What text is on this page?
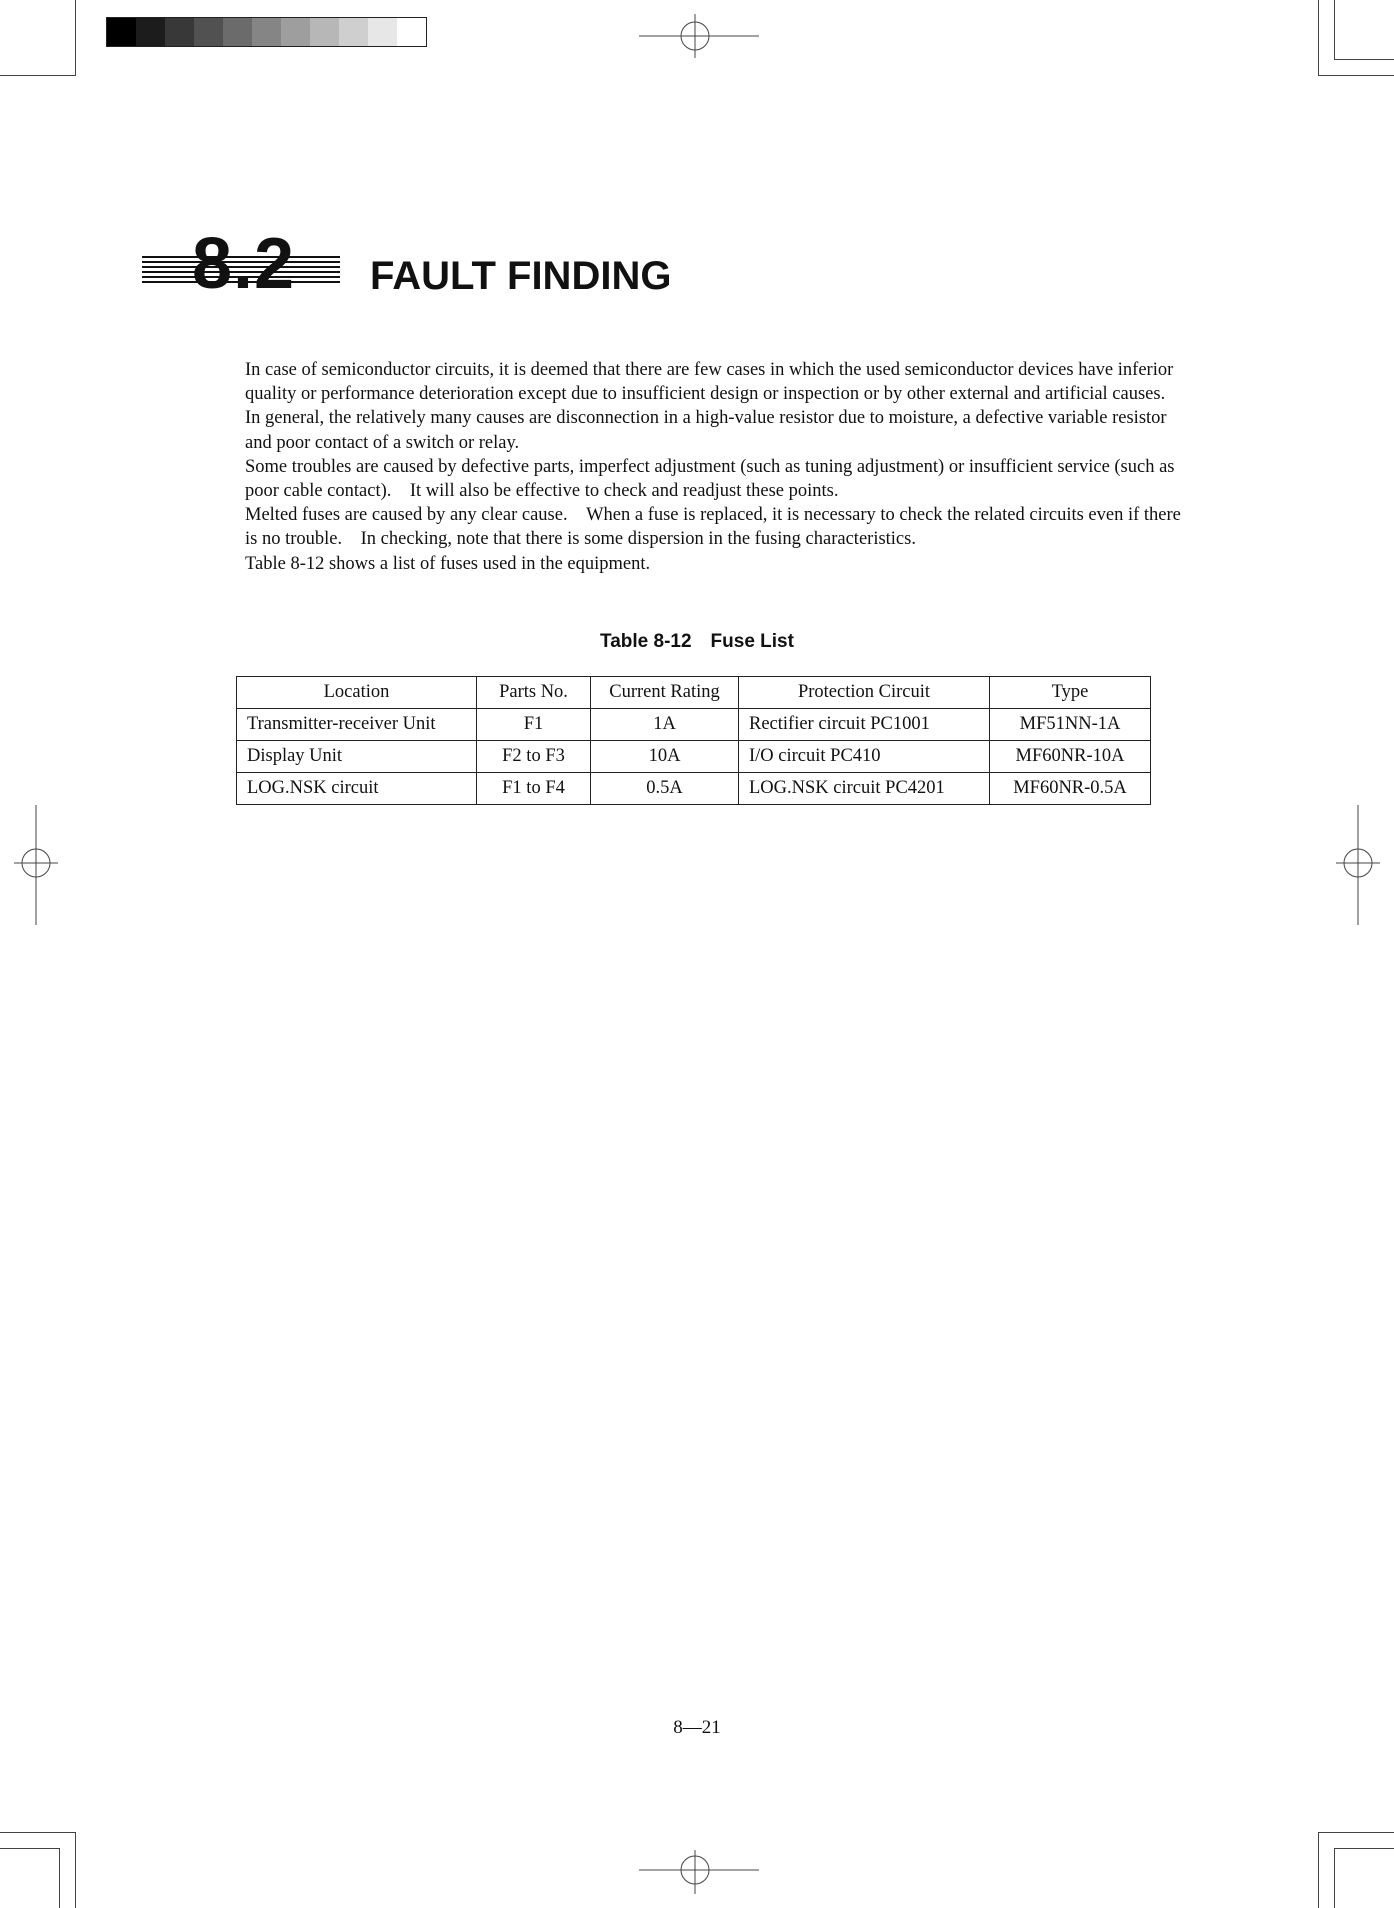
8.2 FAULT FINDING

In case of semiconductor circuits, it is deemed that there are few cases in which the used semiconductor devices have inferior quality or performance deterioration except due to insufficient design or inspection or by other external and artificial causes.　In general, the relatively many causes are disconnection in a high-value resistor due to moisture, a defective variable resistor and poor contact of a switch or relay.

Some troubles are caused by defective parts, imperfect adjustment (such as tuning adjustment) or insufficient service (such as poor cable contact).　It will also be effective to check and readjust these points.

Melted fuses are caused by any clear cause.　When a fuse is replaced, it is necessary to check the related circuits even if there is no trouble.　In checking, note that there is some dispersion in the fusing characteristics.

Table 8-12 shows a list of fuses used in the equipment.

Table 8-12　Fuse List
Location	Parts No.	Current Rating	Protection Circuit	Type
Transmitter-receiver Unit	F1	1A	Rectifier circuit PC1001	MF51NN-1A
Display Unit	F2 to F3	10A	I/O circuit PC410	MF60NR-10A
LOG.NSK circuit	F1 to F4	0.5A	LOG.NSK circuit PC4201	MF60NR-0.5A
8—21
